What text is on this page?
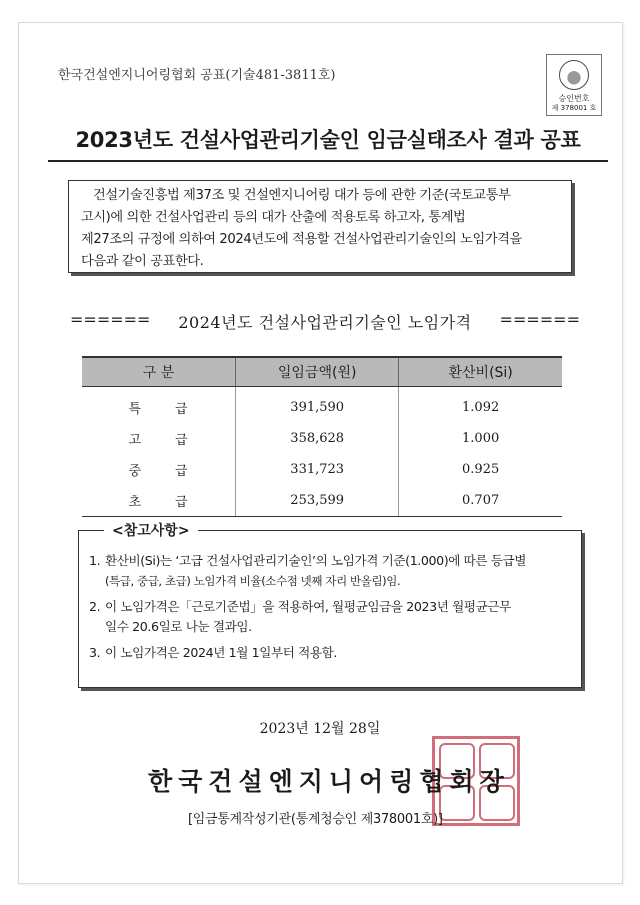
한국건설엔지니어링협회 공표(기술481-3811호)
승인번호
제 378001 호
2023년도 건설사업관리기술인 임금실태조사 결과 공표
건설기술진흥법 제37조 및 건설엔지니어링 대가 등에 관한 기준(국토교통부
고시)에 의한 건설사업관리 등의 대가 산출에 적용토록 하고자, 통계법
제27조의 규정에 의하여 2024년도에 적용할 건설사업관리기술인의 노임가격을
다음과 같이 공표한다.
====== 2024년도 건설사업관리기술인 노임가격 ======
구 분	일임금액(원)	환산비(Si)
특급	391,590	1.092
고급	358,628	1.000
중급	331,723	0.925
초급	253,599	0.707
<참고사항>
1. 환산비(Si)는 ‘고급 건설사업관리기술인’의 노임가격 기준(1.000)에 따른 등급별
(특급, 중급, 초급) 노임가격 비율(소수점 넷째 자리 반올림)임.
2. 이 노임가격은「근로기준법」을 적용하여, 월평균임금을 2023년 월평균근무
일수 20.6일로 나눈 결과임.
3. 이 노임가격은 2024년 1월 1일부터 적용함.
2023년 12월 28일
한국건설엔지니어링협회장
[임금통계작성기관(통계청승인 제378001호)]
